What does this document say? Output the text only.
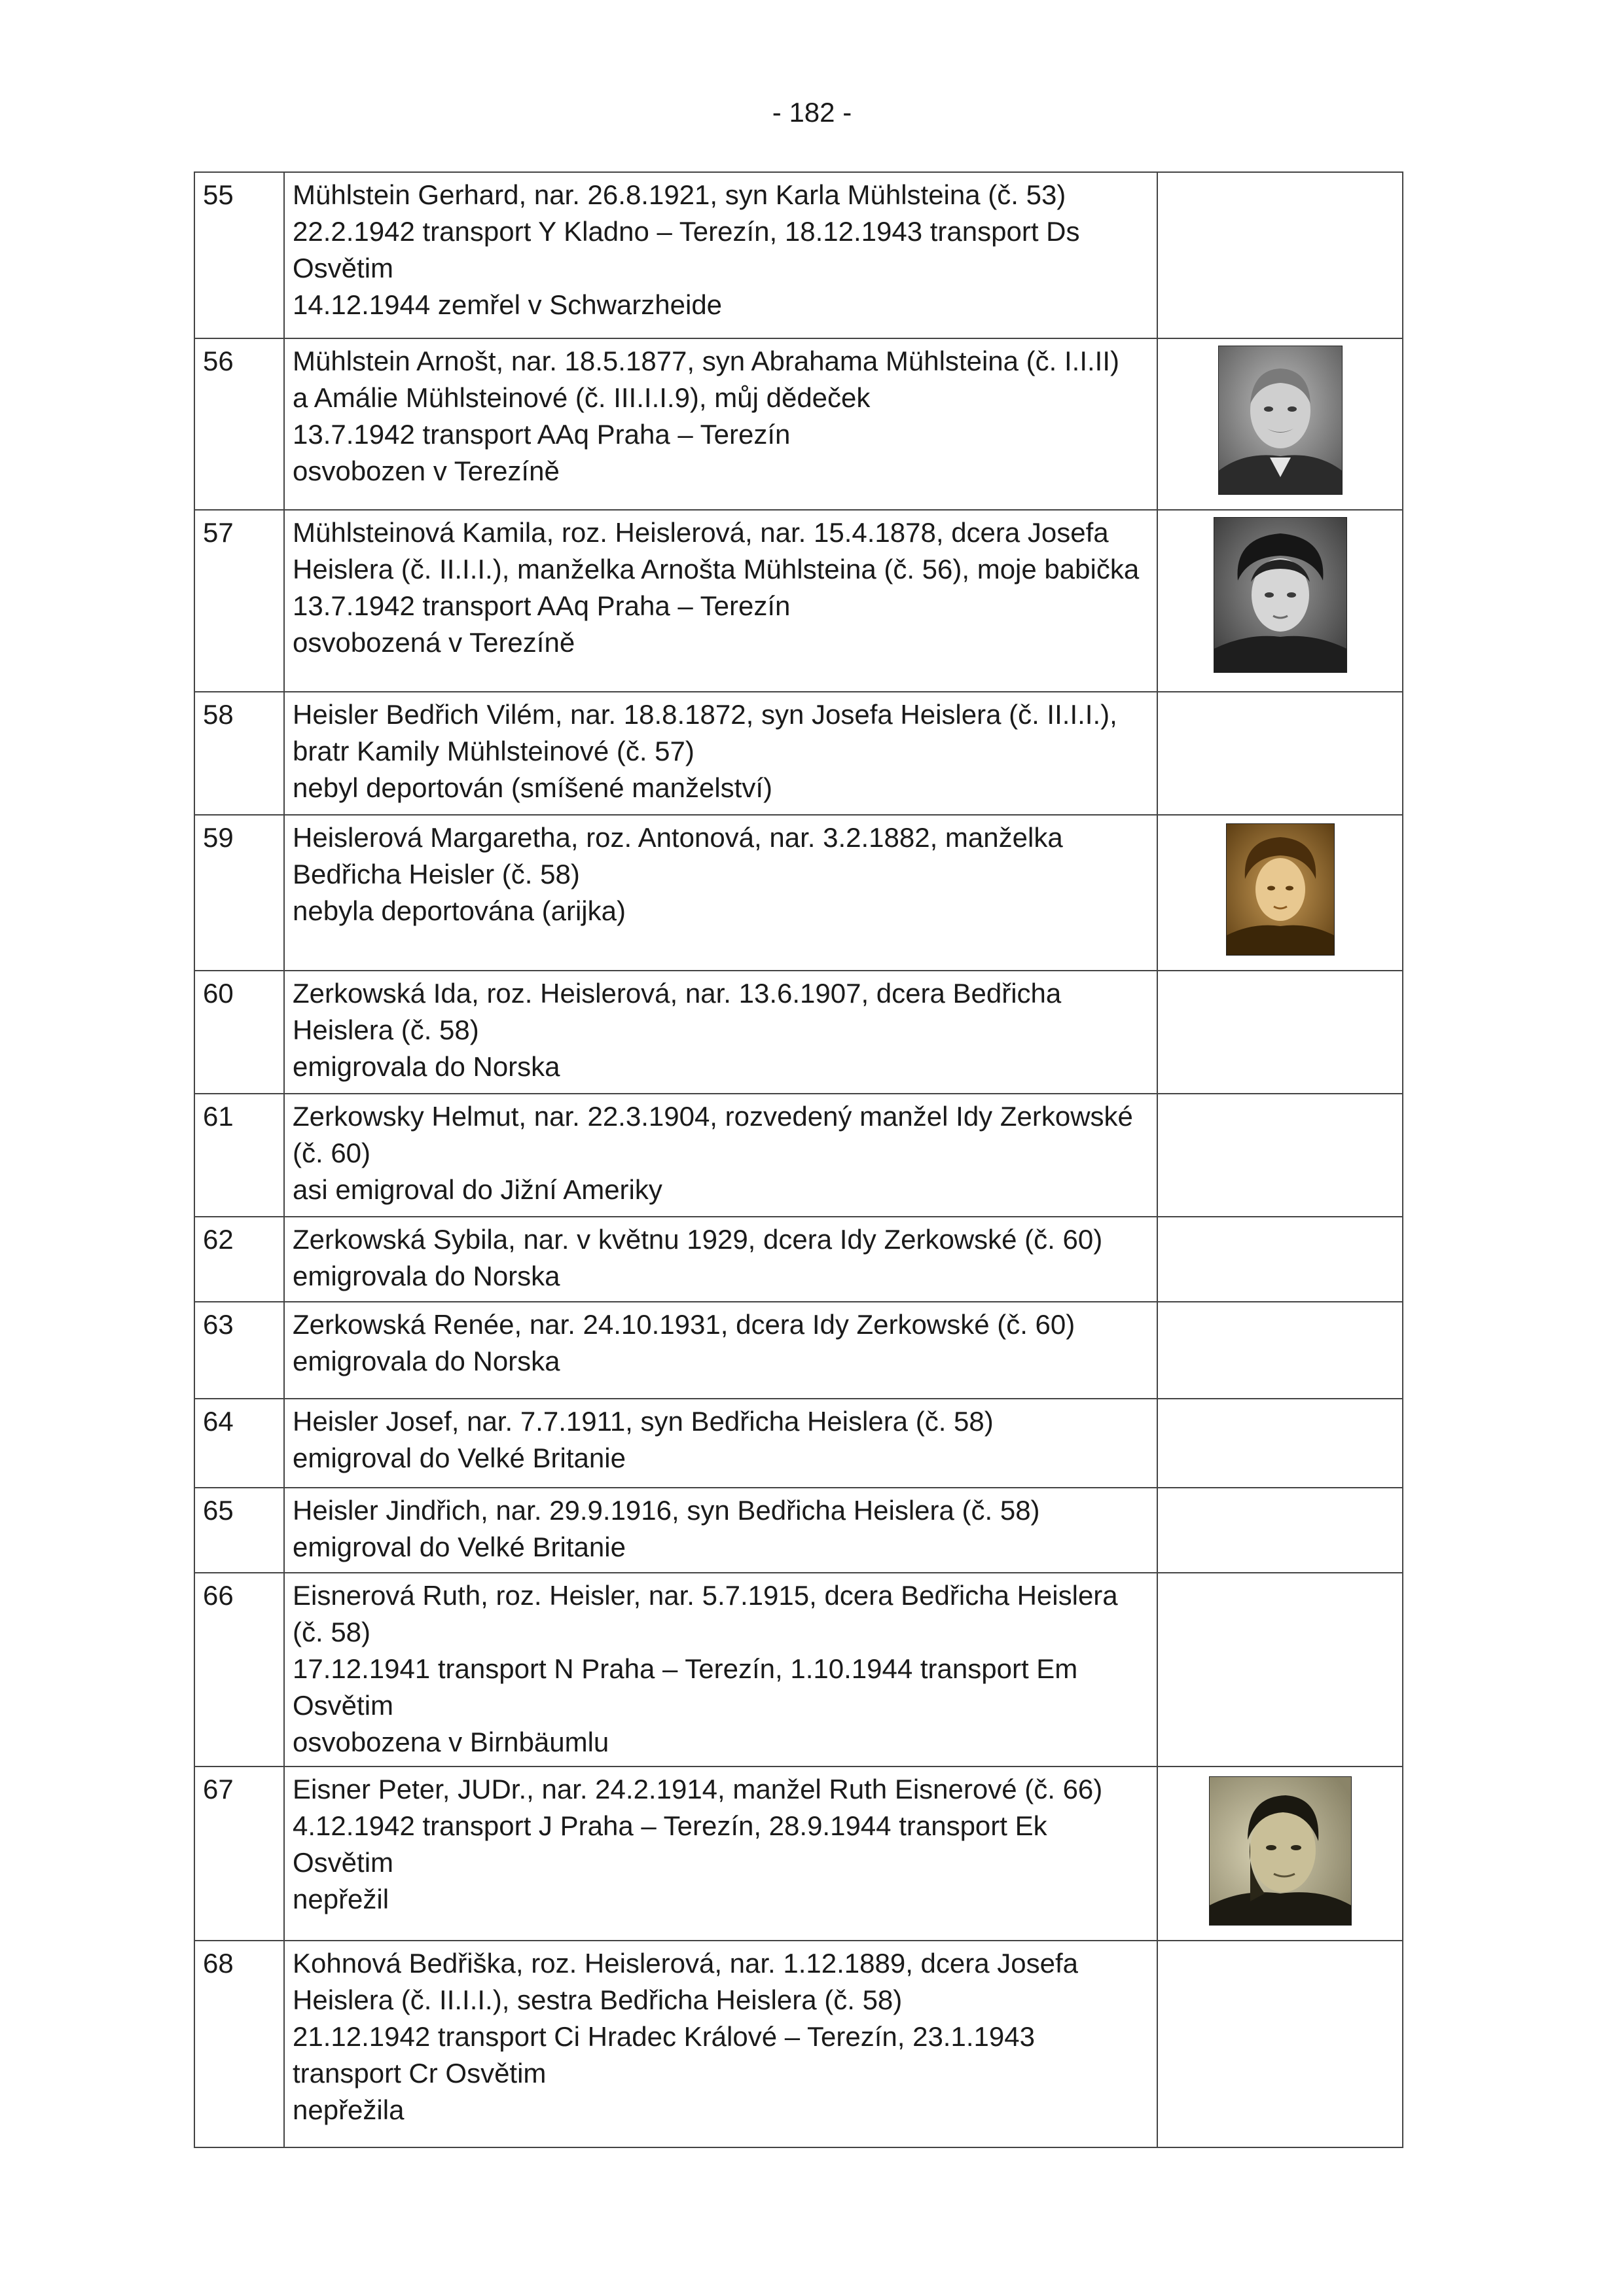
- 182 -
55	Mühlstein Gerhard, nar. 26.8.1921, syn Karla Mühlsteina (č. 53)
22.2.1942 transport Y Kladno – Terezín, 18.12.1943 transport Ds
Osvětim
14.12.1944 zemřel v Schwarzheide	

56	Mühlstein Arnošt, nar. 18.5.1877, syn Abrahama Mühlsteina (č. I.I.II)
a Amálie Mühlsteinové (č. III.I.I.9), můj dědeček
13.7.1942 transport AAq Praha – Terezín
osvobozen v Terezíně

57	Mühlsteinová Kamila, roz. Heislerová, nar. 15.4.1878, dcera Josefa
Heislera (č. II.I.I.), manželka Arnošta Mühlsteina (č. 56), moje babička
13.7.1942 transport AAq Praha – Terezín
osvobozená v Terezíně

58	Heisler Bedřich Vilém, nar. 18.8.1872, syn Josefa Heislera (č. II.I.I.),
bratr Kamily Mühlsteinové (č. 57)
nebyl deportován (smíšené manželství)	

59	Heislerová Margaretha, roz. Antonová, nar. 3.2.1882, manželka
Bedřicha Heisler (č. 58)
nebyla deportována (arijka)

60	Zerkowská Ida, roz. Heislerová, nar. 13.6.1907, dcera Bedřicha
Heislera (č. 58)
emigrovala do Norska	

61	Zerkowsky Helmut, nar. 22.3.1904, rozvedený manžel Idy Zerkowské
(č. 60)
asi emigroval do Jižní Ameriky	

62	Zerkowská Sybila, nar. v květnu 1929, dcera Idy Zerkowské (č. 60)
emigrovala do Norska	

63	Zerkowská Renée, nar. 24.10.1931, dcera Idy Zerkowské (č. 60)
emigrovala do Norska	

64	Heisler Josef, nar. 7.7.1911, syn Bedřicha Heislera (č. 58)
emigroval do Velké Britanie	

65	Heisler Jindřich, nar. 29.9.1916, syn Bedřicha Heislera (č. 58)
emigroval do Velké Britanie	

66	Eisnerová Ruth, roz. Heisler, nar. 5.7.1915, dcera Bedřicha Heislera
(č. 58)
17.12.1941 transport N Praha – Terezín, 1.10.1944 transport Em
Osvětim
osvobozena v Birnbäumlu	

67	Eisner Peter, JUDr., nar. 24.2.1914, manžel Ruth Eisnerové (č. 66)
4.12.1942 transport J Praha – Terezín, 28.9.1944 transport Ek
Osvětim
nepřežil

68	Kohnová Bedřiška, roz. Heislerová, nar. 1.12.1889, dcera Josefa
Heislera (č. II.I.I.), sestra Bedřicha Heislera (č. 58)
21.12.1942 transport Ci Hradec Králové – Terezín, 23.1.1943
transport Cr Osvětim
nepřežila	
